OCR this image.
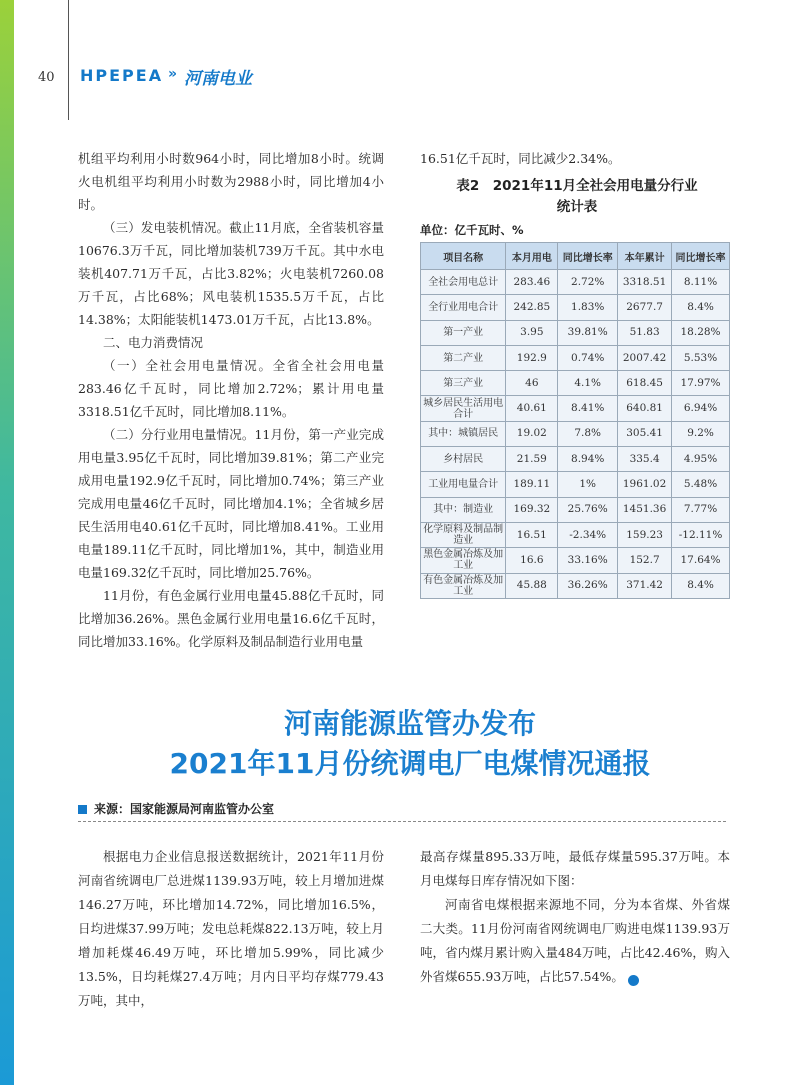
40 HPEPEA » 河南电业

机组平均利用小时数964小时，同比增加8小时。统调火电机组平均利用小时数为2988小时，同比增加4小时。

（三）发电装机情况。截止11月底，全省装机容量10676.3万千瓦，同比增加装机739万千瓦。其中水电装机407.71万千瓦，占比3.82%；火电装机7260.08万千瓦，占比68%；风电装机1535.5万千瓦，占比14.38%；太阳能装机1473.01万千瓦，占比13.8%。

二、电力消费情况

（一）全社会用电量情况。全省全社会用电量283.46亿千瓦时，同比增加2.72%；累计用电量3318.51亿千瓦时，同比增加8.11%。

（二）分行业用电量情况。11月份，第一产业完成用电量3.95亿千瓦时，同比增加39.81%；第二产业完成用电量192.9亿千瓦时，同比增加0.74%；第三产业完成用电量46亿千瓦时，同比增加4.1%；全省城乡居民生活用电40.61亿千瓦时，同比增加8.41%。工业用电量189.11亿千瓦时，同比增加1%，其中，制造业用电量169.32亿千瓦时，同比增加25.76%。

11月份，有色金属行业用电量45.88亿千瓦时，同比增加36.26%。黑色金属行业用电量16.6亿千瓦时，同比增加33.16%。化学原料及制品制造行业用电量

16.51亿千瓦时，同比减少2.34%。

表2　2021年11月全社会用电量分行业
统计表
单位：亿千瓦时、%
项目名称	本月用电	同比增长率	本年累计	同比增长率
全社会用电总计	283.46	2.72%	3318.51	8.11%
全行业用电合计	242.85	1.83%	2677.7	8.4%
第一产业	3.95	39.81%	51.83	18.28%
第二产业	192.9	0.74%	2007.42	5.53%
第三产业	46	4.1%	618.45	17.97%
城乡居民生活用电合计	40.61	8.41%	640.81	6.94%
其中：城镇居民	19.02	7.8%	305.41	9.2%
乡村居民	21.59	8.94%	335.4	4.95%
工业用电量合计	189.11	1%	1961.02	5.48%
其中：制造业	169.32	25.76%	1451.36	7.77%
化学原料及制品制造业	16.51	-2.34%	159.23	-12.11%
黑色金属冶炼及加工业	16.6	33.16%	152.7	17.64%
有色金属冶炼及加工业	45.88	36.26%	371.42	8.4%
河南能源监管办发布
2021年11月份统调电厂电煤情况通报
来源：国家能源局河南监管办公室

根据电力企业信息报送数据统计，2021年11月份河南省统调电厂总进煤1139.93万吨，较上月增加进煤146.27万吨，环比增加14.72%，同比增加16.5%，日均进煤37.99万吨；发电总耗煤822.13万吨，较上月增加耗煤46.49万吨，环比增加5.99%，同比减少13.5%，日均耗煤27.4万吨；月内日平均存煤779.43万吨，其中，

最高存煤量895.33万吨，最低存煤量595.37万吨。本月电煤每日库存情况如下图：

河南省电煤根据来源地不同，分为本省煤、外省煤二大类。11月份河南省网统调电厂购进电煤1139.93万吨，省内煤月累计购入量484万吨，占比42.46%，购入外省煤655.93万吨，占比57.54%。	电
